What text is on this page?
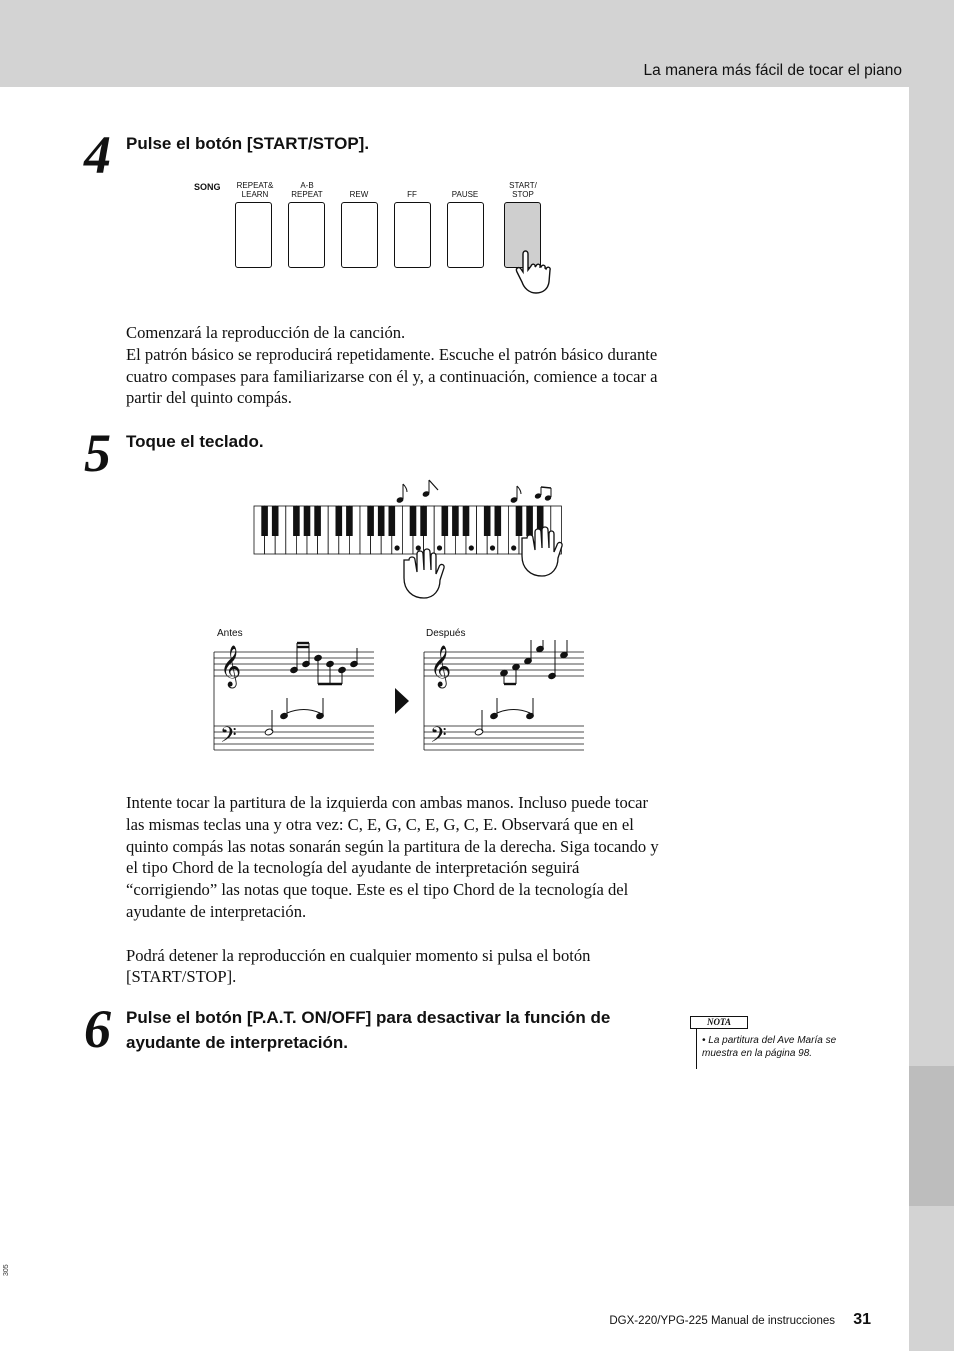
La manera más fácil de tocar el piano
4 Pulse el botón [START/STOP].
SONG	REPEAT&
LEARN
A-B
REPEAT	REW	FF	PAUSE
START/
STOP

Comenzará la reproducción de la canción.

El patrón básico se reproducirá repetidamente. Escuche el patrón básico durante cuatro compases para familiarizarse con él y, a continuación, comience a tocar a partir del quinto compás.

5 Toque el teclado.
Antes	Después
𝄞
𝄢
𝄞
𝄢

Intente tocar la partitura de la izquierda con ambas manos. Incluso puede tocar las mismas teclas una y otra vez: C, E, G, C, E, G, C, E. Observará que en el quinto compás las notas sonarán según la partitura de la derecha. Siga tocando y el tipo Chord de la tecnología del ayudante de interpretación seguirá “corrigiendo” las notas que toque. Este es el tipo Chord de la tecnología del ayudante de interpretación.

Podrá detener la reproducción en cualquier momento si pulsa el botón [START/STOP].

6 Pulse el botón [P.A.T. ON/OFF] para desactivar la función de ayudante de interpretación.
NOTA
• La partitura del Ave María se muestra en la página 98.
DGX-220/YPG-225 Manual de instrucciones 31
305
